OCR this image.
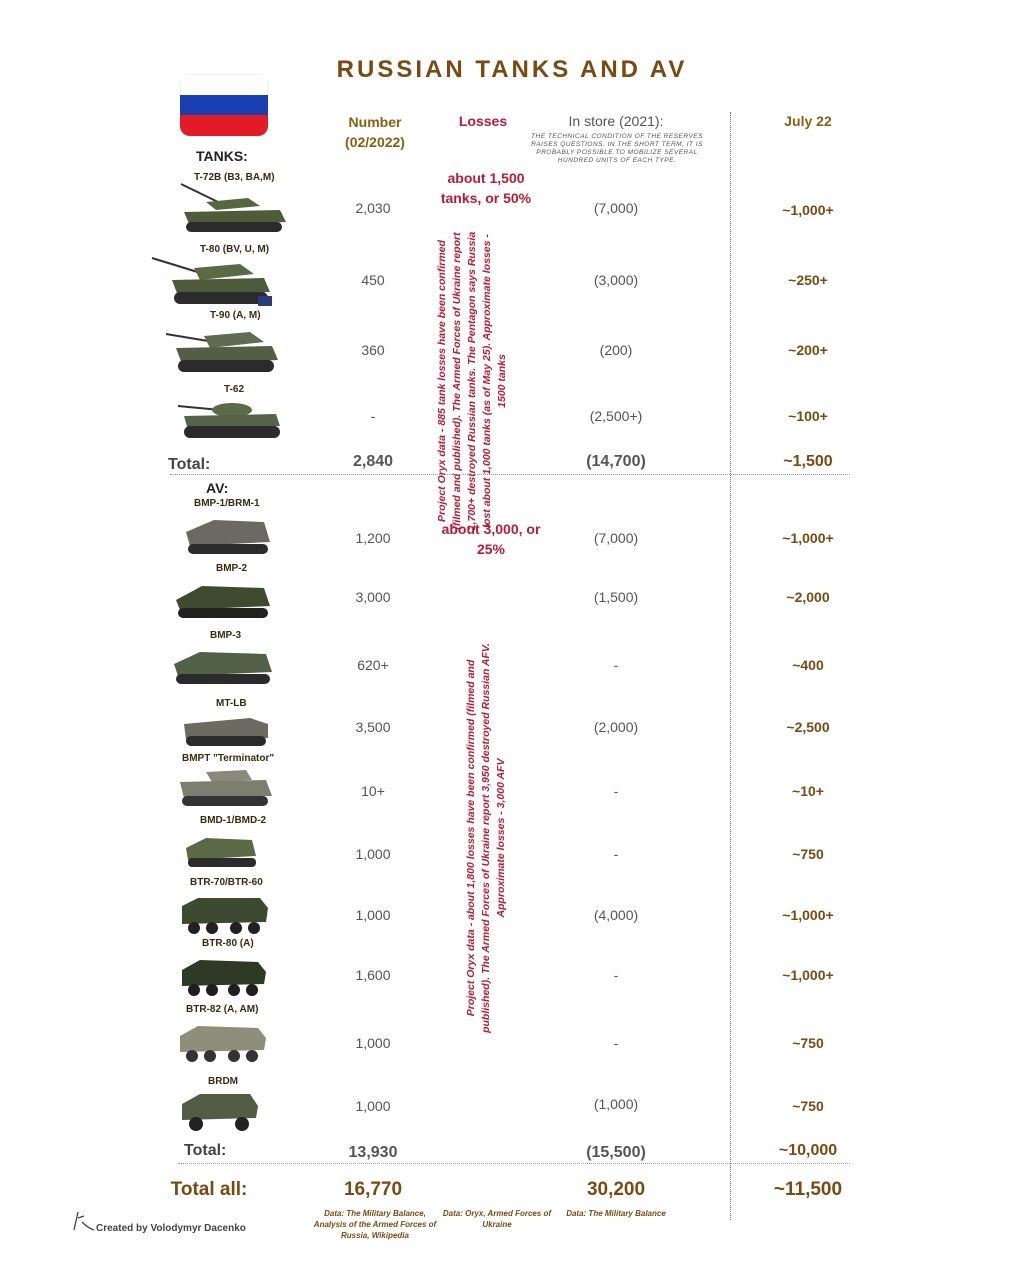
RUSSIAN TANKS AND AV
Number (02/2022)
Losses	In store (2021):
THE TECHNICAL CONDITION OF THE RESERVES RAISES QUESTIONS. IN THE SHORT TERM, IT IS PROBABLY POSSIBLE TO MOBILIZE SEVERAL HUNDRED UNITS OF EACH TYPE.
July 22
TANKS:
about 1,500 tanks, or 50%
Project Oryx data - 885 tank losses have been confirmed (filmed and published). The Armed Forces of Ukraine report 1,700+ destroyed Russian tanks. The Pentagon says Russia lost about 1,000 tanks (as of May 25). Approximate losses - 1500 tanks
T-72B (B3, BA,M)
2,030	(7,000)	~1,000+
T-80 (BV, U, M)
450	(3,000)	~250+
T-90 (A, M)
360	(200)	~200+
T-62
-	(2,500+)	~100+
Total:	2,840	(14,700)	~1,500
AV:
about 3,000, or 25%
Project Oryx data - about 1,800 losses have been confirmed (filmed and published). The Armed Forces of Ukraine report 3,950 destroyed Russian AFV. Approximate losses - 3,000 AFV
BMP-1/BRM-1
1,200	(7,000)	~1,000+
BMP-2
3,000	(1,500)	~2,000
BMP-3
620+	-	~400
MT-LB
3,500	(2,000)	~2,500
BMPT "Terminator"
10+	-	~10+
BMD-1/BMD-2
1,000	-	~750
BTR-70/BTR-60
1,000	(4,000)	~1,000+
BTR-80 (A)
1,600	-	~1,000+
BTR-82 (A, AM)
1,000	-	~750
BRDM
1,000	(1,000)	~750
Total:	13,930	(15,500)	~10,000
Total all:	16,770	30,200	~11,500
Data: The Military Balance, Analysis of the Armed Forces of Russia, Wikipedia
Data: Oryx, Armed Forces of Ukraine
Data: The Military Balance
Created by Volodymyr Dacenko
